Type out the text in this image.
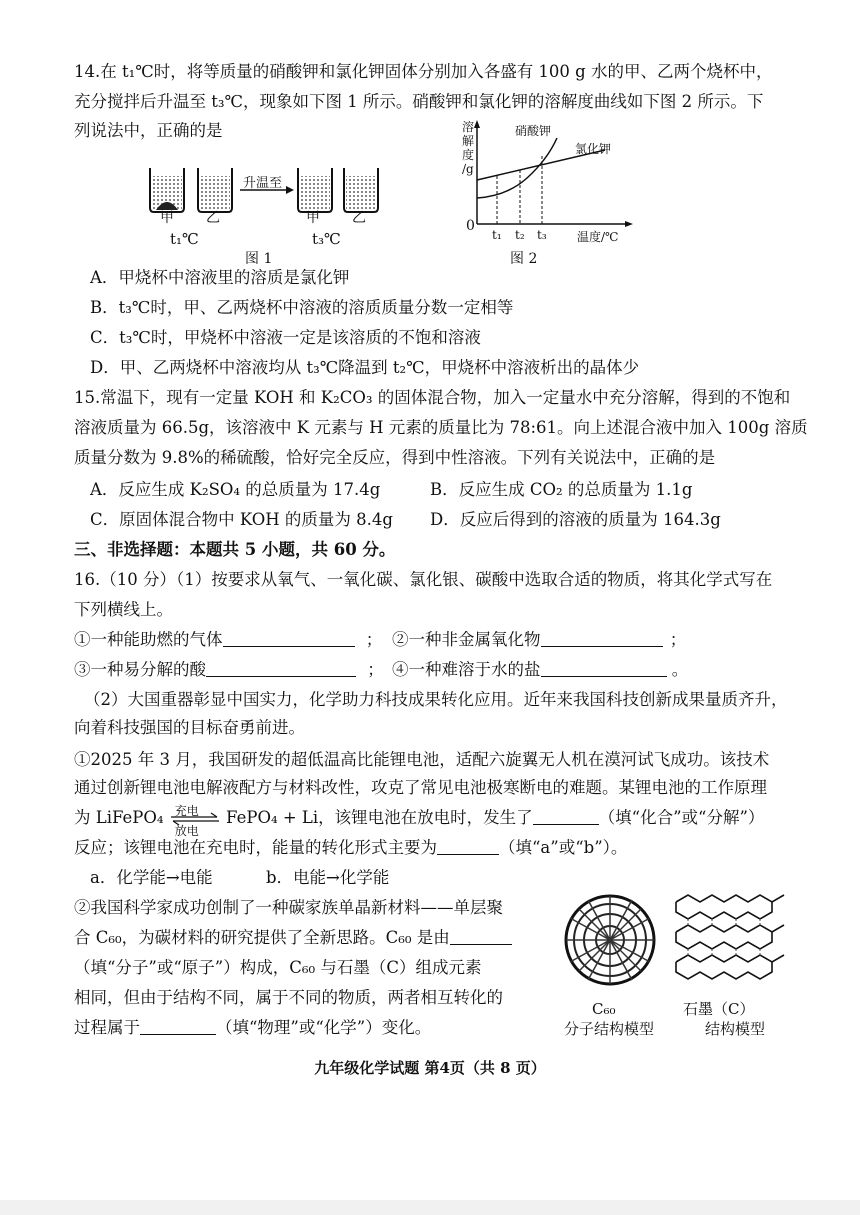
14.在 t₁℃时，将等质量的硝酸钾和氯化钾固体分别加入各盛有 100 g 水的甲、乙两个烧杯中，
充分搅拌后升温至 t₃℃，现象如下图 1 所示。硝酸钾和氯化钾的溶解度曲线如下图 2 所示。下
列说法中，正确的是
升温至
甲 乙	甲 乙
t₁℃	t₃℃
图 1
溶
解
度
/g
硝酸钾
氯化钾
0
t₁ t₂ t₃	温度/℃
图 2
A．甲烧杯中溶液里的溶质是氯化钾
B．t₃℃时，甲、乙两烧杯中溶液的溶质质量分数一定相等
C．t₃℃时，甲烧杯中溶液一定是该溶质的不饱和溶液
D．甲、乙两烧杯中溶液均从 t₃℃降温到 t₂℃，甲烧杯中溶液析出的晶体少
15.常温下，现有一定量 KOH 和 K₂CO₃ 的固体混合物，加入一定量水中充分溶解，得到的不饱和
溶液质量为 66.5g，该溶液中 K 元素与 H 元素的质量比为 78:61。向上述混合液中加入 100g 溶质
质量分数为 9.8%的稀硫酸，恰好完全反应，得到中性溶液。下列有关说法中，正确的是
A．反应生成 K₂SO₄ 的总质量为 17.4g	B．反应生成 CO₂ 的总质量为 1.1g
C．原固体混合物中 KOH 的质量为 8.4g D．反应后得到的溶液的质量为 164.3g
三、非选择题：本题共 5 小题，共 60 分。
16.（10 分）（1）按要求从氧气、一氧化碳、氯化银、碳酸中选取合适的物质，将其化学式写在
下列横线上。
①一种能助燃的气体	； ②一种非金属氧化物	；
③一种易分解的酸	； ④一种难溶于水的盐	。
（2）大国重器彰显中国实力，化学助力科技成果转化应用。近年来我国科技创新成果量质齐升，
向着科技强国的目标奋勇前进。
①2025 年 3 月，我国研发的超低温高比能锂电池，适配六旋翼无人机在漠河试飞成功。该技术
通过创新锂电池电解液配方与材料改性，攻克了常见电池极寒断电的难题。某锂电池的工作原理
为 LiFePO₄ 充电
放电
FePO₄ + Li，该锂电池在放电时，发生了	（填“化合”或“分解”）
反应；该锂电池在充电时，能量的转化形式主要为	（填“a”或“b”）。
a．化学能→电能	b．电能→化学能
②我国科学家成功创制了一种碳家族单晶新材料——单层聚
合 C₆₀，为碳材料的研究提供了全新思路。C₆₀ 是由
（填“分子”或“原子”）构成，C₆₀ 与石墨（C）组成元素
相同，但由于结构不同，属于不同的物质，两者相互转化的
过程属于	（填“物理”或“化学”）变化。
C₆₀
分子结构模型
石墨（C）
结构模型
九年级化学试题 第4页（共 8 页）
